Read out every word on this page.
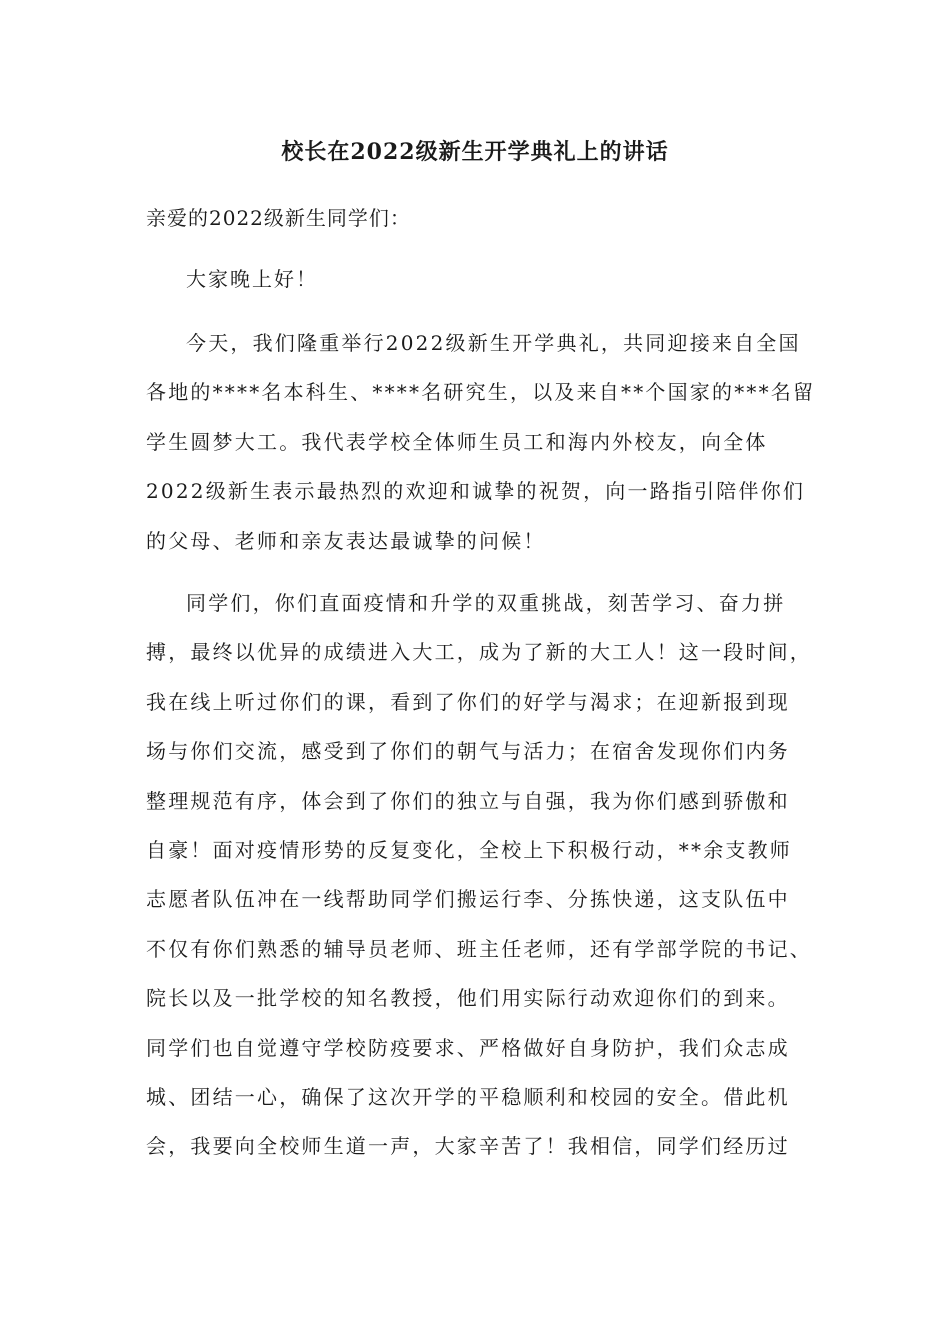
校长在2022级新生开学典礼上的讲话

亲爱的2022级新生同学们：

大家晚上好！

今天，我们隆重举行2022级新生开学典礼，共同迎接来自全国
各地的****名本科生、****名研究生，以及来自**个国家的***名留
学生圆梦大工。我代表学校全体师生员工和海内外校友，向全体
2022级新生表示最热烈的欢迎和诚挚的祝贺，向一路指引陪伴你们
的父母、老师和亲友表达最诚挚的问候！
同学们，你们直面疫情和升学的双重挑战，刻苦学习、奋力拼
搏，最终以优异的成绩进入大工，成为了新的大工人！这一段时间，
我在线上听过你们的课，看到了你们的好学与渴求；在迎新报到现
场与你们交流，感受到了你们的朝气与活力；在宿舍发现你们内务
整理规范有序，体会到了你们的独立与自强，我为你们感到骄傲和
自豪！面对疫情形势的反复变化，全校上下积极行动，**余支教师
志愿者队伍冲在一线帮助同学们搬运行李、分拣快递，这支队伍中
不仅有你们熟悉的辅导员老师、班主任老师，还有学部学院的书记、
院长以及一批学校的知名教授，他们用实际行动欢迎你们的到来。
同学们也自觉遵守学校防疫要求、严格做好自身防护，我们众志成
城、团结一心，确保了这次开学的平稳顺利和校园的安全。借此机
会，我要向全校师生道一声，大家辛苦了！我相信，同学们经历过
